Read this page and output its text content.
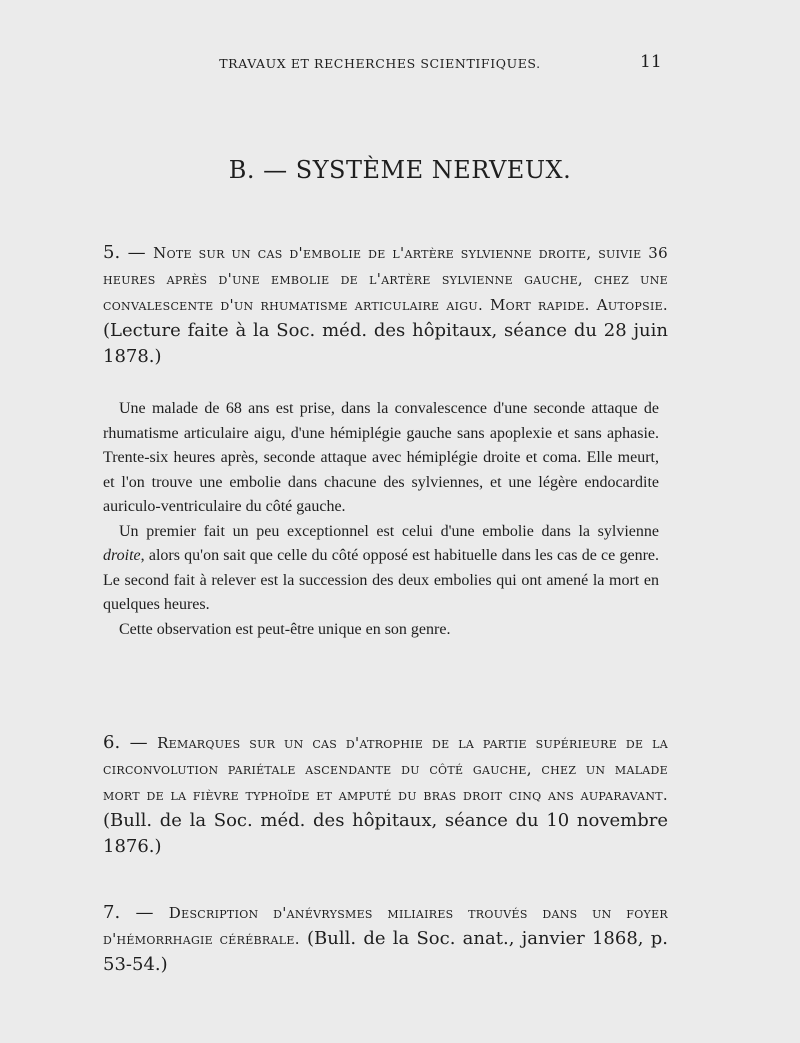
TRAVAUX ET RECHERCHES SCIENTIFIQUES.	11
B. — SYSTÈME NERVEUX.
5. — Note sur un cas d'embolie de l'artère sylvienne droite, suivie 36 heures après d'une embolie de l'artère sylvienne gauche, chez une convalescente d'un rhumatisme articulaire aigu. Mort rapide. Autopsie. (Lecture faite à la Soc. méd. des hôpitaux, séance du 28 juin 1878.)

Une malade de 68 ans est prise, dans la convalescence d'une seconde attaque de rhumatisme articulaire aigu, d'une hémiplégie gauche sans apoplexie et sans aphasie. Trente-six heures après, seconde attaque avec hémiplégie droite et coma. Elle meurt, et l'on trouve une embolie dans chacune des sylviennes, et une légère endocardite auriculo-ventriculaire du côté gauche.

Un premier fait un peu exceptionnel est celui d'une embolie dans la sylvienne droite, alors qu'on sait que celle du côté opposé est habituelle dans les cas de ce genre. Le second fait à relever est la succession des deux embolies qui ont amené la mort en quelques heures.

Cette observation est peut-être unique en son genre.

6. — Remarques sur un cas d'atrophie de la partie supérieure de la circonvolution pariétale ascendante du côté gauche, chez un malade mort de la fièvre typhoïde et amputé du bras droit cinq ans auparavant. (Bull. de la Soc. méd. des hôpitaux, séance du 10 novembre 1876.)
7. — Description d'anévrysmes miliaires trouvés dans un foyer d'hémorrhagie cérébrale. (Bull. de la Soc. anat., janvier 1868, p. 53-54.)
